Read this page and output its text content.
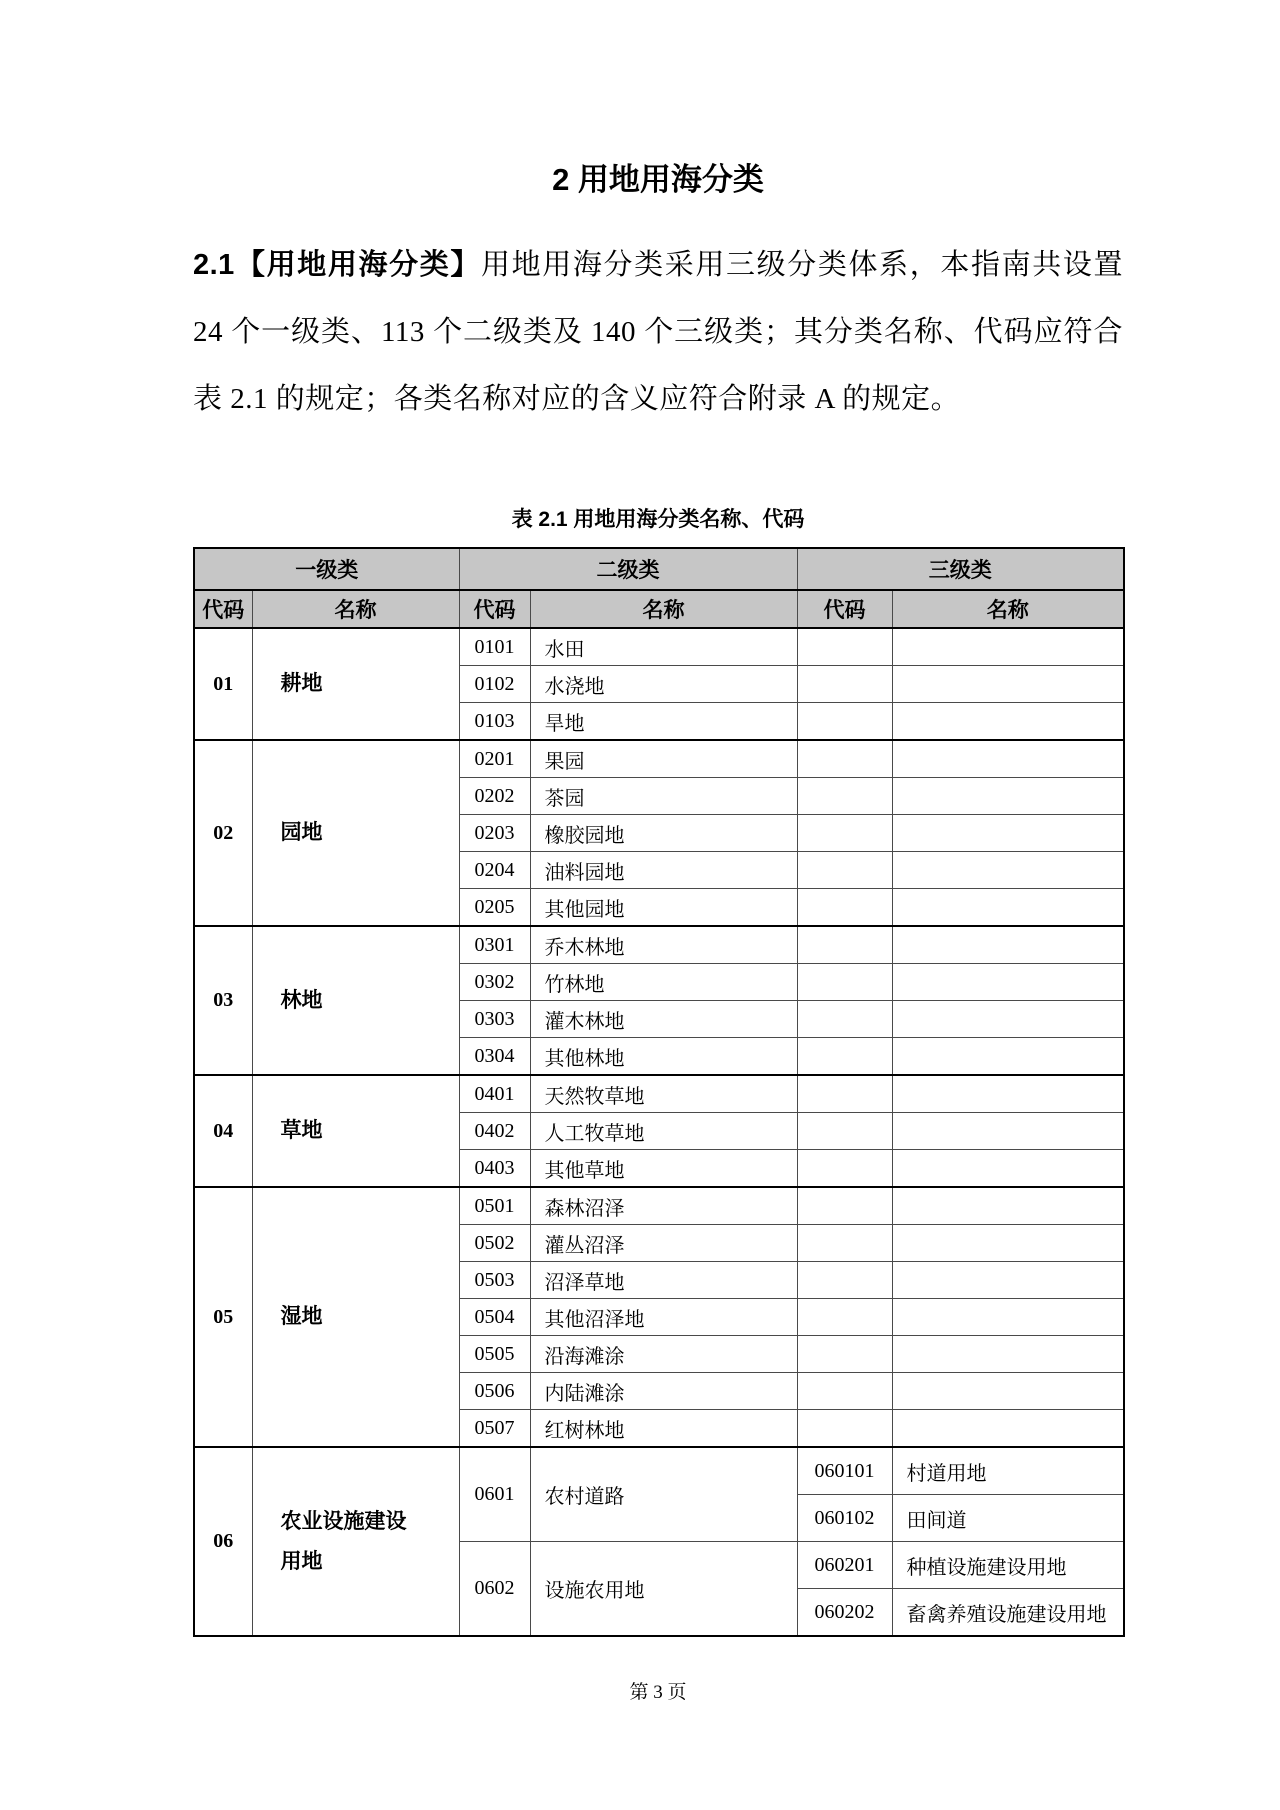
2 用地用海分类

2.1【用地用海分类】用地用海分类采用三级分类体系，本指南共设置 24 个一级类、113 个二级类及 140 个三级类；其分类名称、代码应符合表 2.1 的规定；各类名称对应的含义应符合附录 A 的规定。

表 2.1 用地用海分类名称、代码

一级类		二级类		三级类	
代码	名称	代码	名称	代码	名称
01	耕地	0101	水田		
		0102	水浇地		
		0103	旱地		
02	园地	0201	果园		
		0202	茶园		
		0203	橡胶园地		
		0204	油料园地		
		0205	其他园地		
03	林地	0301	乔木林地		
		0302	竹林地		
		0303	灌木林地		
		0304	其他林地		
04	草地	0401	天然牧草地		
		0402	人工牧草地		
		0403	其他草地		
05	湿地	0501	森林沼泽		
		0502	灌丛沼泽		
		0503	沼泽草地		
		0504	其他沼泽地		
		0505	沿海滩涂		
		0506	内陆滩涂		
		0507	红树林地		
06	农业设施建设用地	0601	农村道路	060101	村道用地
				060102	田间道
		0602	设施农用地	060201	种植设施建设用地
				060202	畜禽养殖设施建设用地
第 3 页
